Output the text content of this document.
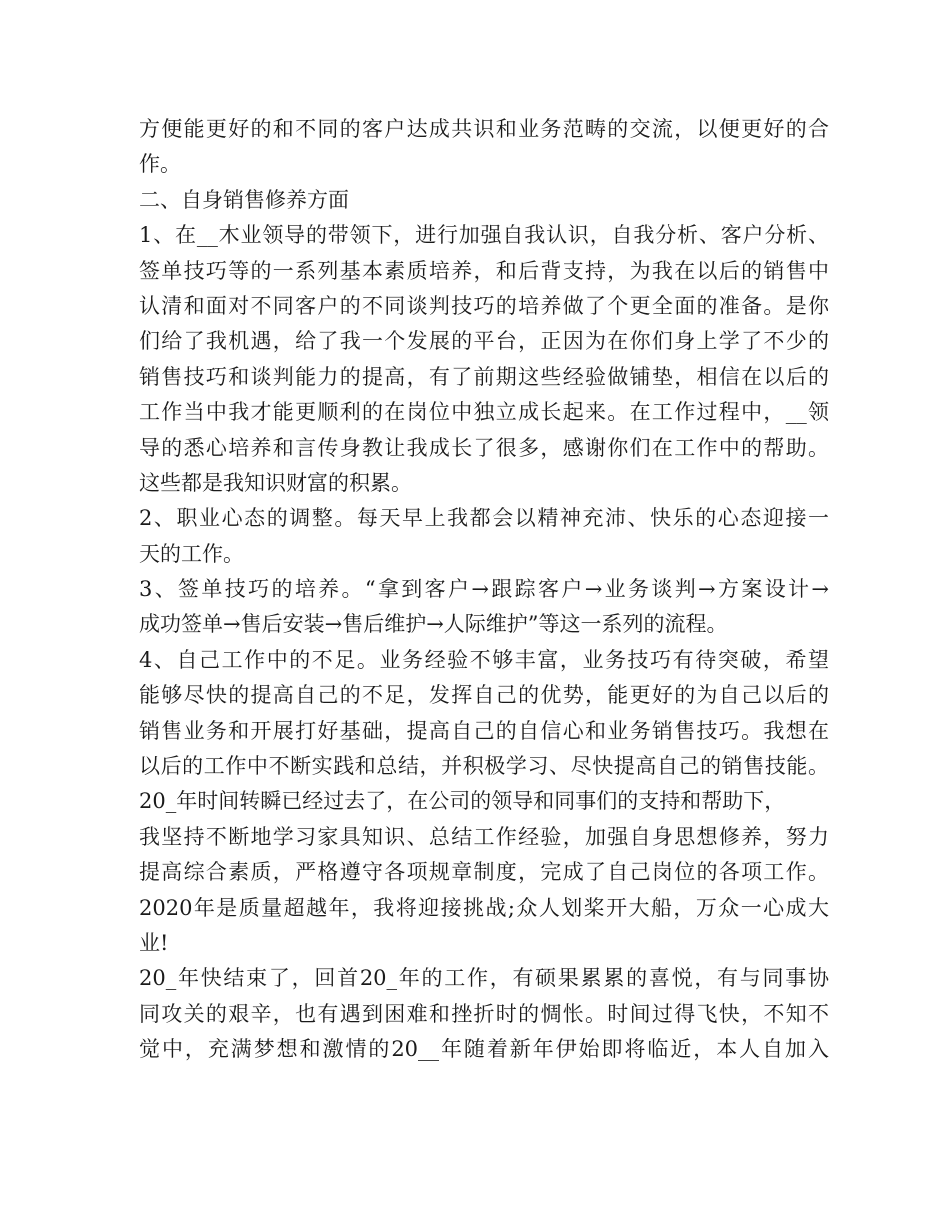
方便能更好的和不同的客户达成共识和业务范畴的交流，以便更好的合
作。
二、自身销售修养方面
1、在__木业领导的带领下，进行加强自我认识，自我分析、客户分析、
签单技巧等的一系列基本素质培养，和后背支持，为我在以后的销售中
认清和面对不同客户的不同谈判技巧的培养做了个更全面的准备。是你
们给了我机遇，给了我一个发展的平台，正因为在你们身上学了不少的
销售技巧和谈判能力的提高，有了前期这些经验做铺垫，相信在以后的
工作当中我才能更顺利的在岗位中独立成长起来。在工作过程中，__领
导的悉心培养和言传身教让我成长了很多，感谢你们在工作中的帮助。
这些都是我知识财富的积累。
2、职业心态的调整。每天早上我都会以精神充沛、快乐的心态迎接一
天的工作。
3、签单技巧的培养。“拿到客户→跟踪客户→业务谈判→方案设计→
成功签单→售后安装→售后维护→人际维护”等这一系列的流程。
4、自己工作中的不足。业务经验不够丰富，业务技巧有待突破，希望
能够尽快的提高自己的不足，发挥自己的优势，能更好的为自己以后的
销售业务和开展打好基础，提高自己的自信心和业务销售技巧。我想在
以后的工作中不断实践和总结，并积极学习、尽快提高自己的销售技能。
20_年时间转瞬已经过去了，在公司的领导和同事们的支持和帮助下，
我坚持不断地学习家具知识、总结工作经验，加强自身思想修养，努力
提高综合素质，严格遵守各项规章制度，完成了自己岗位的各项工作。
2020年是质量超越年，我将迎接挑战;众人划桨开大船，万众一心成大
业!
20_年快结束了，回首20_年的工作，有硕果累累的喜悦，有与同事协
同攻关的艰辛，也有遇到困难和挫折时的惆怅。时间过得飞快，不知不
觉中，充满梦想和激情的20__年随着新年伊始即将临近，本人自加入
